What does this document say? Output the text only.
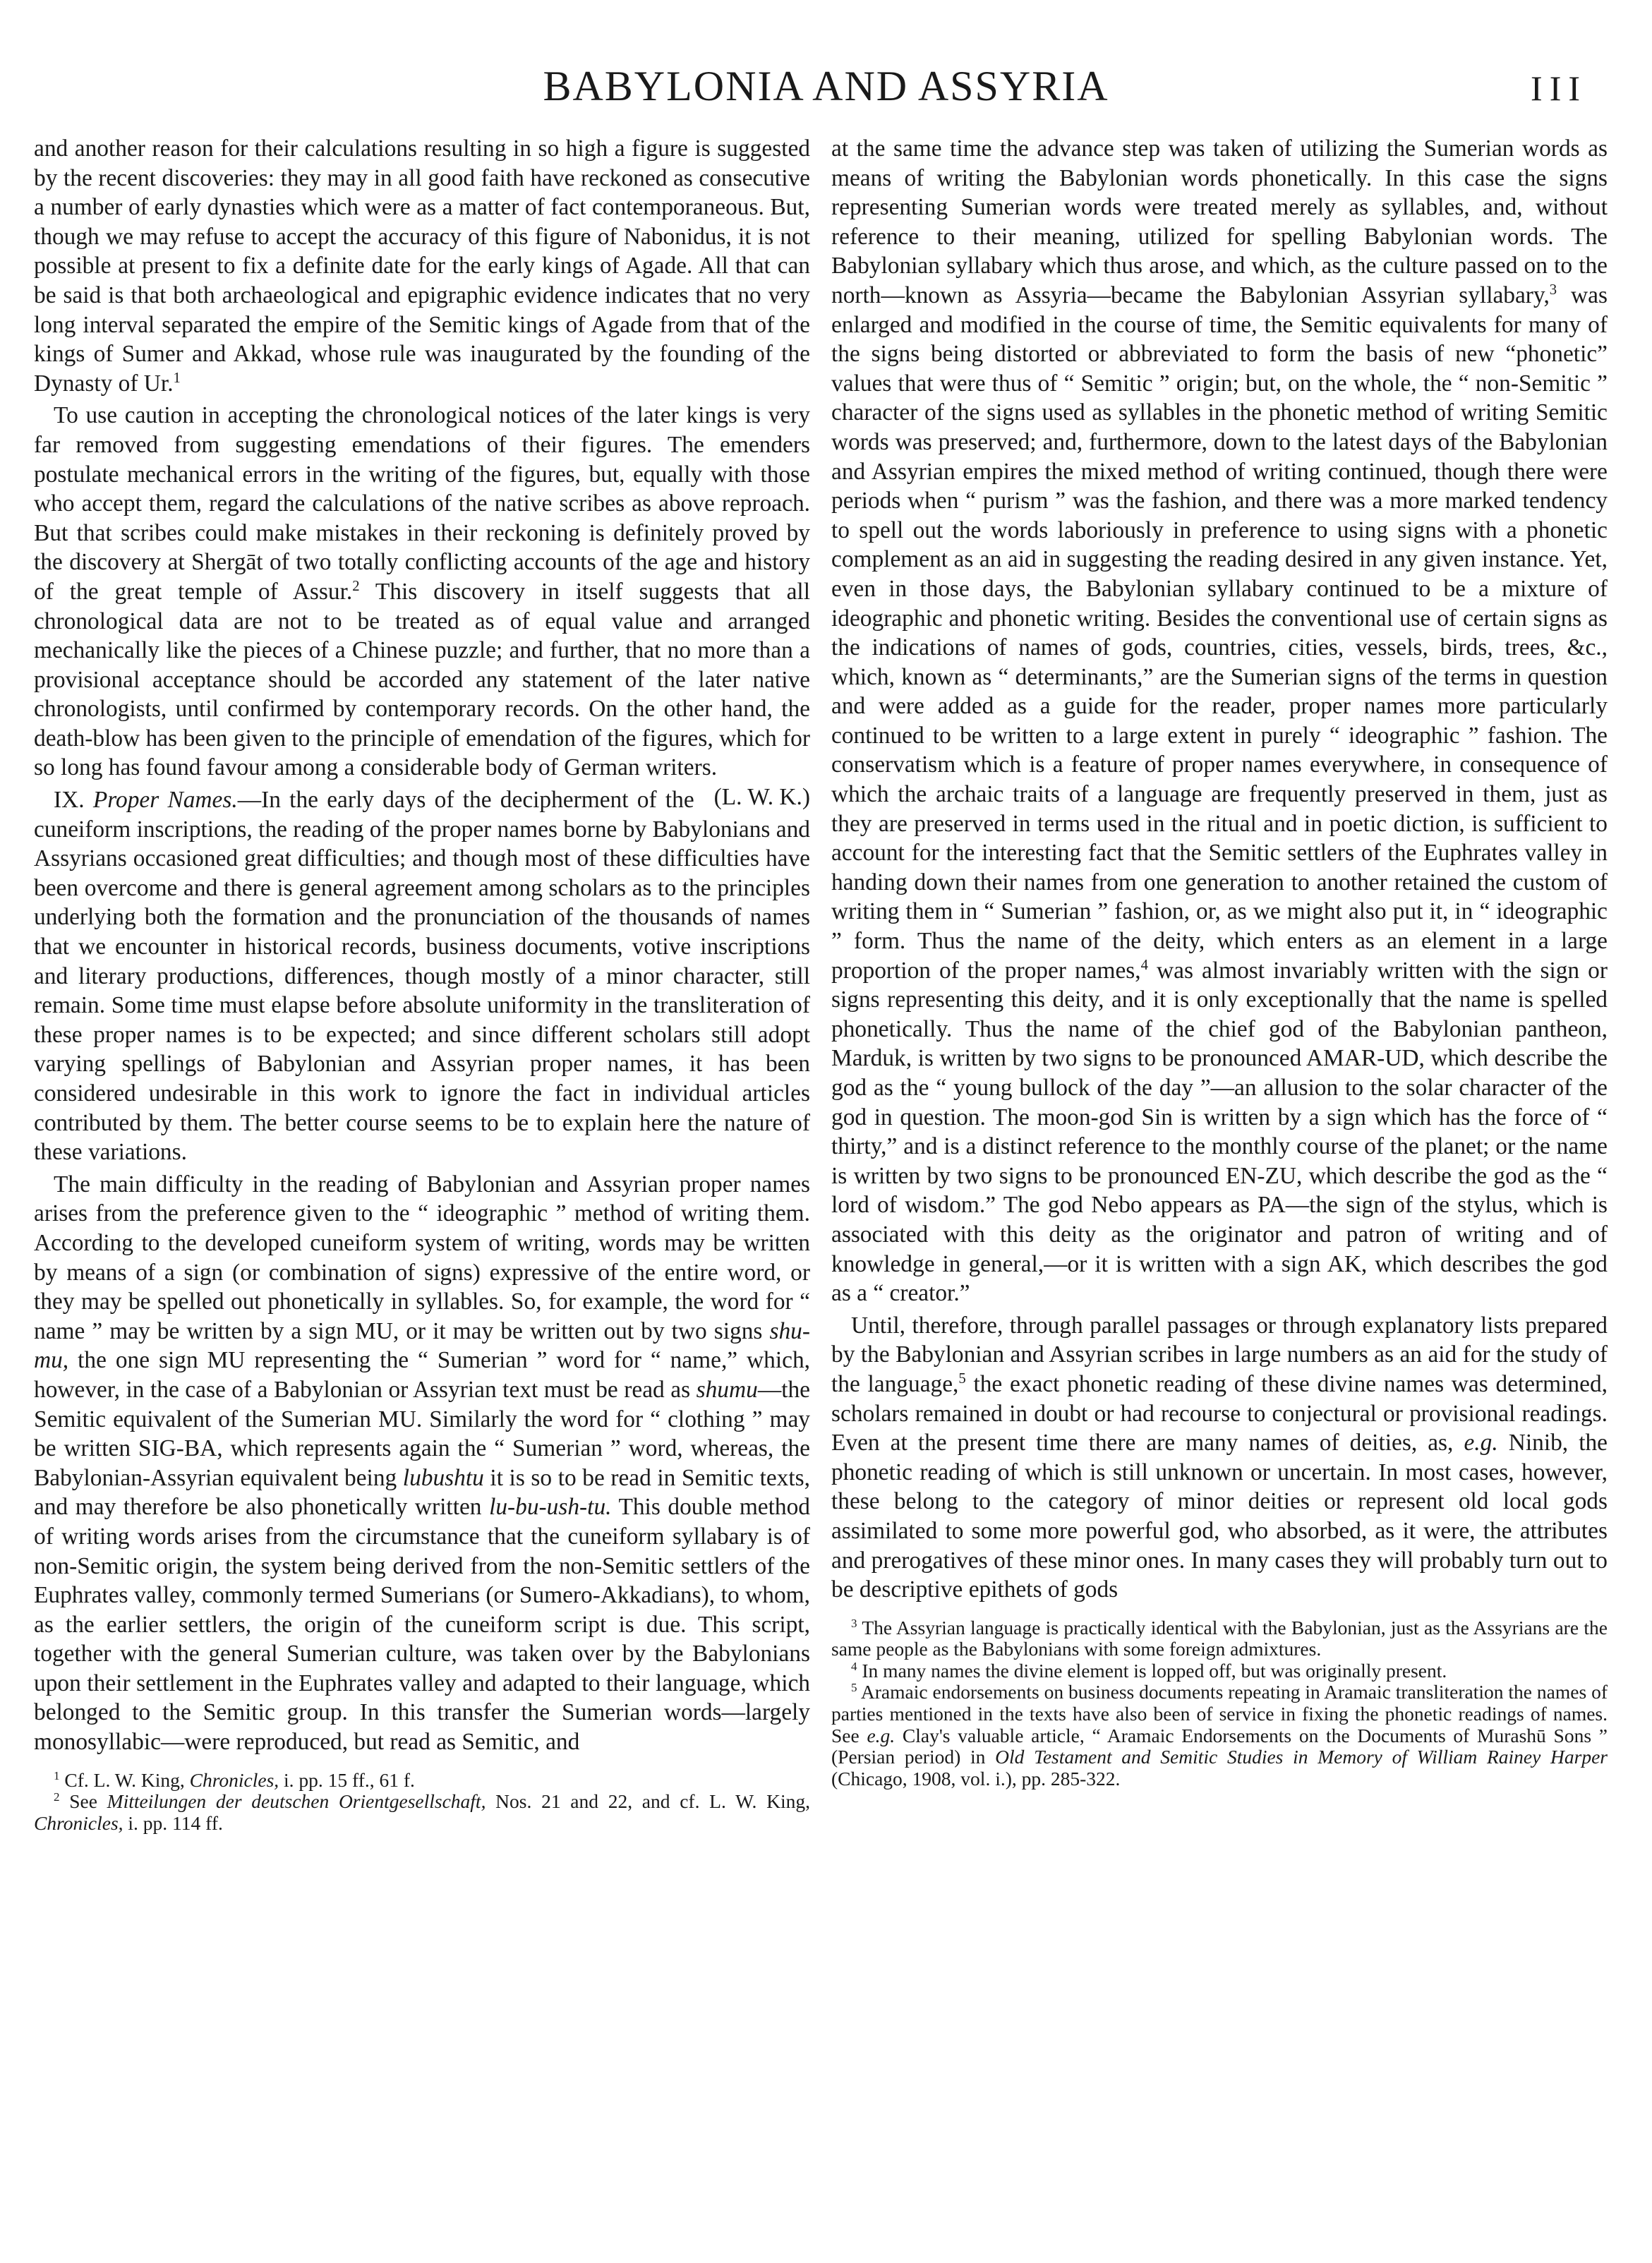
BABYLONIA AND ASSYRIA	III

and another reason for their calculations resulting in so high a figure is suggested by the recent discoveries: they may in all good faith have reckoned as consecutive a number of early dynasties which were as a matter of fact contemporaneous. But, though we may refuse to accept the accuracy of this figure of Nabonidus, it is not possible at present to fix a definite date for the early kings of Agade. All that can be said is that both archaeological and epigraphic evidence indicates that no very long interval separated the empire of the Semitic kings of Agade from that of the kings of Sumer and Akkad, whose rule was inaugurated by the founding of the Dynasty of Ur.$^1$

To use caution in accepting the chronological notices of the later kings is very far removed from suggesting emendations of their figures. The emenders postulate mechanical errors in the writing of the figures, but, equally with those who accept them, regard the calculations of the native scribes as above reproach. But that scribes could make mistakes in their reckoning is definitely proved by the discovery at Shergāt of two totally conflicting accounts of the age and history of the great temple of Assur.$^2$ This discovery in itself suggests that all chronological data are not to be treated as of equal value and arranged mechanically like the pieces of a Chinese puzzle; and further, that no more than a provisional acceptance should be accorded any statement of the later native chronologists, until confirmed by contemporary records. On the other hand, the death-blow has been given to the principle of emendation of the figures, which for so long has found favour among a considerable body of German writers.
(L. W. K.)

IX. Proper Names.—In the early days of the decipherment of the cuneiform inscriptions, the reading of the proper names borne by Babylonians and Assyrians occasioned great difficulties; and though most of these difficulties have been overcome and there is general agreement among scholars as to the principles underlying both the formation and the pronunciation of the thousands of names that we encounter in historical records, business documents, votive inscriptions and literary productions, differences, though mostly of a minor character, still remain. Some time must elapse before absolute uniformity in the transliteration of these proper names is to be expected; and since different scholars still adopt varying spellings of Babylonian and Assyrian proper names, it has been considered undesirable in this work to ignore the fact in individual articles contributed by them. The better course seems to be to explain here the nature of these variations.

The main difficulty in the reading of Babylonian and Assyrian proper names arises from the preference given to the “ ideographic ” method of writing them. According to the developed cuneiform system of writing, words may be written by means of a sign (or combination of signs) expressive of the entire word, or they may be spelled out phonetically in syllables. So, for example, the word for “ name ” may be written by a sign MU, or it may be written out by two signs shu-mu, the one sign MU representing the “ Sumerian ” word for “ name,” which, however, in the case of a Babylonian or Assyrian text must be read as shumu—the Semitic equivalent of the Sumerian MU. Similarly the word for “ clothing ” may be written SIG-BA, which represents again the “ Sumerian ” word, whereas, the Babylonian-Assyrian equivalent being lubushtu it is so to be read in Semitic texts, and may therefore be also phonetically written lu-bu-ush-tu. This double method of writing words arises from the circumstance that the cuneiform syllabary is of non-Semitic origin, the system being derived from the non-Semitic settlers of the Euphrates valley, commonly termed Sumerians (or Sumero-Akkadians), to whom, as the earlier settlers, the origin of the cuneiform script is due. This script, together with the general Sumerian culture, was taken over by the Babylonians upon their settlement in the Euphrates valley and adapted to their language, which belonged to the Semitic group. In this transfer the Sumerian words—largely monosyllabic—were reproduced, but read as Semitic, and

$^1$ Cf. L. W. King, Chronicles, i. pp. 15 ff., 61 f.

$^2$ See Mitteilungen der deutschen Orientgesellschaft, Nos. 21 and 22, and cf. L. W. King, Chronicles, i. pp. 114 ff.

at the same time the advance step was taken of utilizing the Sumerian words as means of writing the Babylonian words phonetically. In this case the signs representing Sumerian words were treated merely as syllables, and, without reference to their meaning, utilized for spelling Babylonian words. The Babylonian syllabary which thus arose, and which, as the culture passed on to the north—known as Assyria—became the Babylonian Assyrian syllabary,$^3$ was enlarged and modified in the course of time, the Semitic equivalents for many of the signs being distorted or abbreviated to form the basis of new “phonetic” values that were thus of “ Semitic ” origin; but, on the whole, the “ non-Semitic ” character of the signs used as syllables in the phonetic method of writing Semitic words was preserved; and, furthermore, down to the latest days of the Babylonian and Assyrian empires the mixed method of writing continued, though there were periods when “ purism ” was the fashion, and there was a more marked tendency to spell out the words laboriously in preference to using signs with a phonetic complement as an aid in suggesting the reading desired in any given instance. Yet, even in those days, the Babylonian syllabary continued to be a mixture of ideographic and phonetic writing. Besides the conventional use of certain signs as the indications of names of gods, countries, cities, vessels, birds, trees, &c., which, known as “ determinants,” are the Sumerian signs of the terms in question and were added as a guide for the reader, proper names more particularly continued to be written to a large extent in purely “ ideographic ” fashion. The conservatism which is a feature of proper names everywhere, in consequence of which the archaic traits of a language are frequently preserved in them, just as they are preserved in terms used in the ritual and in poetic diction, is sufficient to account for the interesting fact that the Semitic settlers of the Euphrates valley in handing down their names from one generation to another retained the custom of writing them in “ Sumerian ” fashion, or, as we might also put it, in “ ideographic ” form. Thus the name of the deity, which enters as an element in a large proportion of the proper names,$^4$ was almost invariably written with the sign or signs representing this deity, and it is only exceptionally that the name is spelled phonetically. Thus the name of the chief god of the Babylonian pantheon, Marduk, is written by two signs to be pronounced AMAR-UD, which describe the god as the “ young bullock of the day ”—an allusion to the solar character of the god in question. The moon-god Sin is written by a sign which has the force of “ thirty,” and is a distinct reference to the monthly course of the planet; or the name is written by two signs to be pronounced EN-ZU, which describe the god as the “ lord of wisdom.” The god Nebo appears as PA—the sign of the stylus, which is associated with this deity as the originator and patron of writing and of knowledge in general,—or it is written with a sign AK, which describes the god as a “ creator.”

Until, therefore, through parallel passages or through explanatory lists prepared by the Babylonian and Assyrian scribes in large numbers as an aid for the study of the language,$^5$ the exact phonetic reading of these divine names was determined, scholars remained in doubt or had recourse to conjectural or provisional readings. Even at the present time there are many names of deities, as, e.g. Ninib, the phonetic reading of which is still unknown or uncertain. In most cases, however, these belong to the category of minor deities or represent old local gods assimilated to some more powerful god, who absorbed, as it were, the attributes and prerogatives of these minor ones. In many cases they will probably turn out to be descriptive epithets of gods

$^3$ The Assyrian language is practically identical with the Babylonian, just as the Assyrians are the same people as the Babylonians with some foreign admixtures.

$^4$ In many names the divine element is lopped off, but was originally present.

$^5$ Aramaic endorsements on business documents repeating in Aramaic transliteration the names of parties mentioned in the texts have also been of service in fixing the phonetic readings of names. See e.g. Clay's valuable article, “ Aramaic Endorsements on the Documents of Murashū Sons ” (Persian period) in Old Testament and Semitic Studies in Memory of William Rainey Harper (Chicago, 1908, vol. i.), pp. 285-322.
